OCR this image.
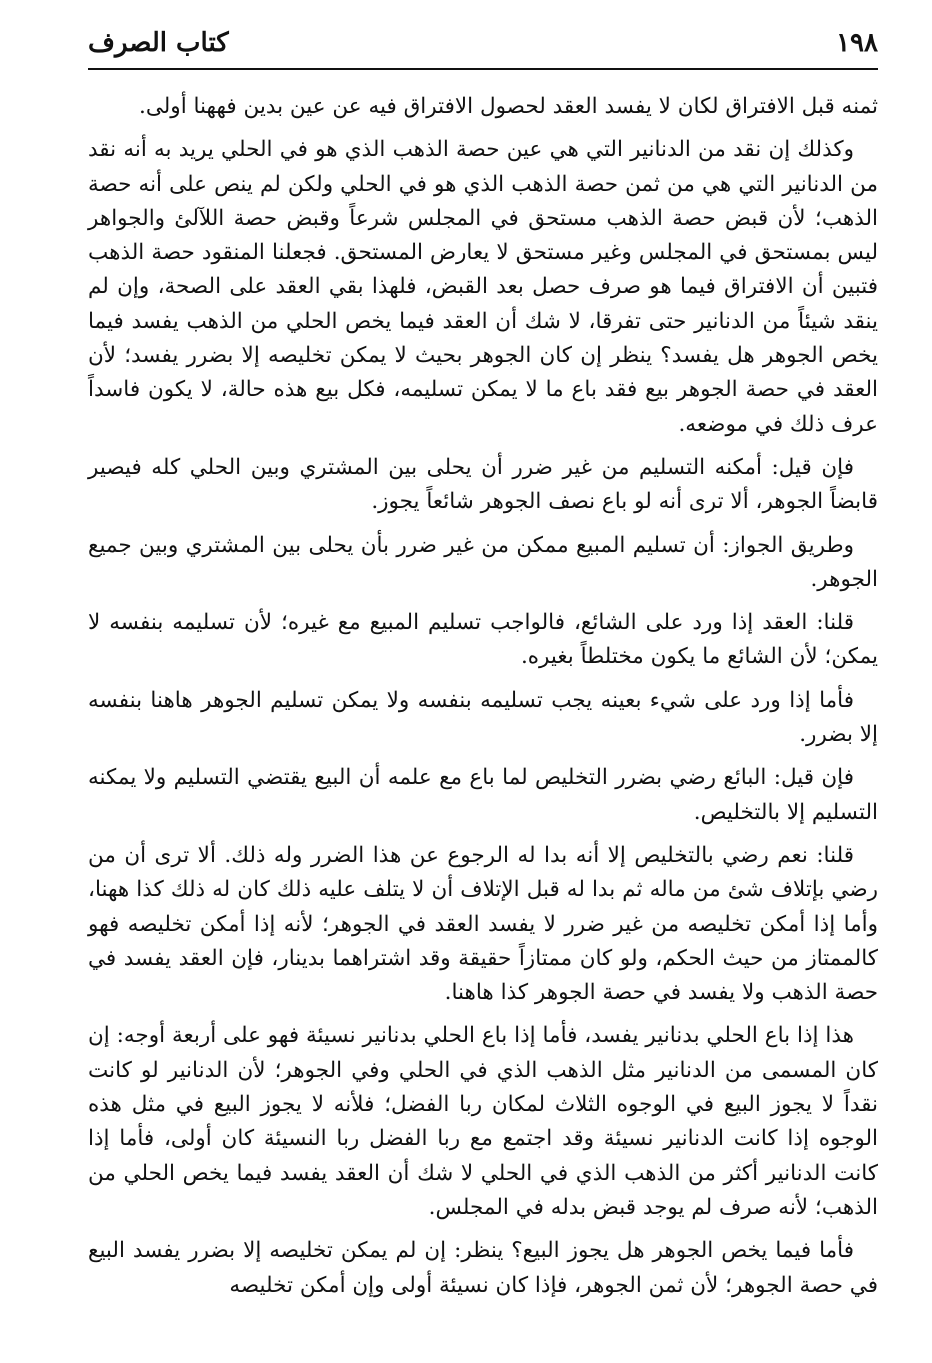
١٩٨
كتاب الصرف

ثمنه قبل الافتراق لكان لا يفسد العقد لحصول الافتراق فيه عن عين بدين فههنا أولى.

وكذلك إن نقد من الدنانير التي هي عين حصة الذهب الذي هو في الحلي يريد به أنه نقد من الدنانير التي هي من ثمن حصة الذهب الذي هو في الحلي ولكن لم ينص على أنه حصة الذهب؛ لأن قبض حصة الذهب مستحق في المجلس شرعاً وقبض حصة اللآلئ والجواهر ليس بمستحق في المجلس وغير مستحق لا يعارض المستحق. فجعلنا المنقود حصة الذهب فتبين أن الافتراق فيما هو صرف حصل بعد القبض، فلهذا بقي العقد على الصحة، وإن لم ينقد شيئاً من الدنانير حتى تفرقا، لا شك أن العقد فيما يخص الحلي من الذهب يفسد فيما يخص الجوهر هل يفسد؟ ينظر إن كان الجوهر بحيث لا يمكن تخليصه إلا بضرر يفسد؛ لأن العقد في حصة الجوهر بيع فقد باع ما لا يمكن تسليمه، فكل بيع هذه حالة، لا يكون فاسداً عرف ذلك في موضعه.

فإن قيل: أمكنه التسليم من غير ضرر أن يحلى بين المشتري وبين الحلي كله فيصير قابضاً الجوهر، ألا ترى أنه لو باع نصف الجوهر شائعاً يجوز.

وطريق الجواز: أن تسليم المبيع ممكن من غير ضرر بأن يحلى بين المشتري وبين جميع الجوهر.

قلنا: العقد إذا ورد على الشائع، فالواجب تسليم المبيع مع غيره؛ لأن تسليمه بنفسه لا يمكن؛ لأن الشائع ما يكون مختلطاً بغيره.

فأما إذا ورد على شيء بعينه يجب تسليمه بنفسه ولا يمكن تسليم الجوهر هاهنا بنفسه إلا بضرر.

فإن قيل: البائع رضي بضرر التخليص لما باع مع علمه أن البيع يقتضي التسليم ولا يمكنه التسليم إلا بالتخليص.

قلنا: نعم رضي بالتخليص إلا أنه بدا له الرجوع عن هذا الضرر وله ذلك. ألا ترى أن من رضي بإتلاف شئ من ماله ثم بدا له قبل الإتلاف أن لا يتلف عليه ذلك كان له ذلك كذا ههنا، وأما إذا أمكن تخليصه من غير ضرر لا يفسد العقد في الجوهر؛ لأنه إذا أمكن تخليصه فهو كالممتاز من حيث الحكم، ولو كان ممتازاً حقيقة وقد اشتراهما بدينار، فإن العقد يفسد في حصة الذهب ولا يفسد في حصة الجوهر كذا هاهنا.

هذا إذا باع الحلي بدنانير يفسد، فأما إذا باع الحلي بدنانير نسيئة فهو على أربعة أوجه: إن كان المسمى من الدنانير مثل الذهب الذي في الحلي وفي الجوهر؛ لأن الدنانير لو كانت نقداً لا يجوز البيع في الوجوه الثلاث لمكان ربا الفضل؛ فلأنه لا يجوز البيع في مثل هذه الوجوه إذا كانت الدنانير نسيئة وقد اجتمع مع ربا الفضل ربا النسيئة كان أولى، فأما إذا كانت الدنانير أكثر من الذهب الذي في الحلي لا شك أن العقد يفسد فيما يخص الحلي من الذهب؛ لأنه صرف لم يوجد قبض بدله في المجلس.

فأما فيما يخص الجوهر هل يجوز البيع؟ ينظر: إن لم يمكن تخليصه إلا بضرر يفسد البيع في حصة الجوهر؛ لأن ثمن الجوهر، فإذا كان نسيئة أولى وإن أمكن تخليصه
